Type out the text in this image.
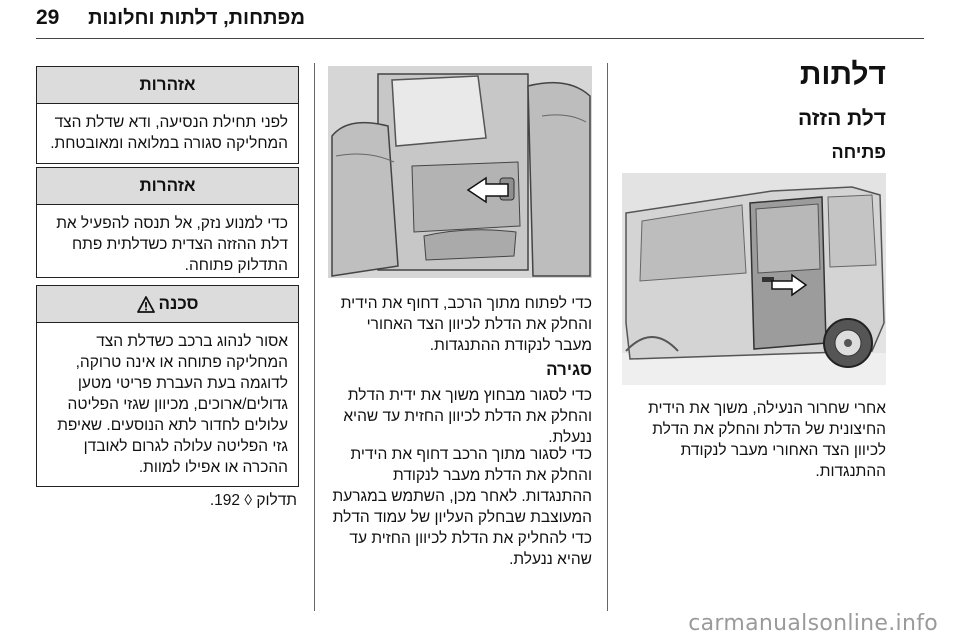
29 מפתחות, דלתות וחלונות
דלתות
דלת הזזה
פתיחה
אחרי שחרור הנעילה, משוך את הידית החיצונית של הדלת והחלק את הדלת לכיוון הצד האחורי מעבר לנקודת ההתנגדות.
כדי לפתוח מתוך הרכב, דחוף את הידית והחלק את הדלת לכיוון הצד האחורי מעבר לנקודת ההתנגדות.
סגירה
כדי לסגור מבחוץ משוך את ידית הדלת והחלק את הדלת לכיוון החזית עד שהיא ננעלת.
כדי לסגור מתוך הרכב דחוף את הידית והחלק את הדלת מעבר לנקודת ההתנגדות. לאחר מכן, השתמש במגרעת המעוצבת שבחלק העליון של עמוד הדלת כדי להחליק את הדלת לכיוון החזית עד שהיא ננעלת.
אזהרות
לפני תחילת הנסיעה, ודא שדלת הצד המחליקה סגורה במלואה ומאובטחת.
אזהרות
כדי למנוע נזק, אל תנסה להפעיל את דלת ההזזה הצדית כשדלתית פתח התדלוק פתוחה.
סכנה
אסור לנהוג ברכב כשדלת הצד המחליקה פתוחה או אינה טרוקה, לדוגמה בעת העברת פריטי מטען גדולים/ארוכים, מכיוון שגזי הפליטה עלולים לחדור לתא הנוסעים. שאיפת גזי הפליטה עלולה לגרום לאובדן ההכרה או אפילו למוות.
תדלוק ◊ 192.
carmanualsonline.info
